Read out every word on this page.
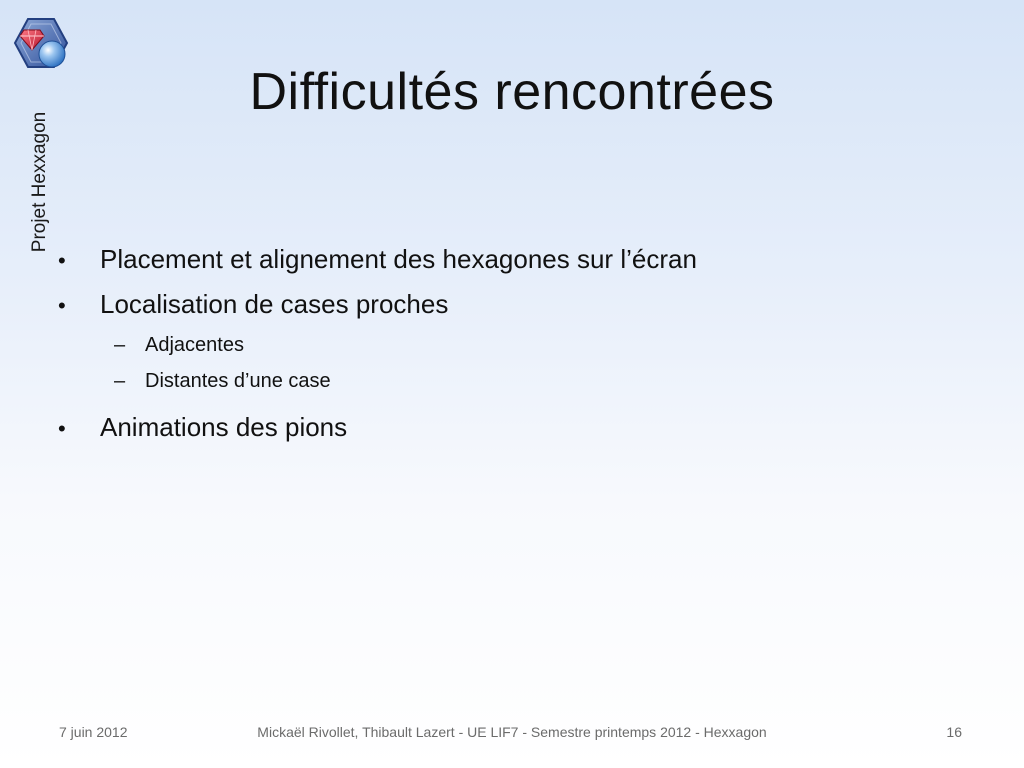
Projet Hexxagon
Difficultés rencontrées
•	Placement et alignement des hexagones sur l’écran
•	Localisation de cases proches
– Adjacentes
– Distantes d’une case
•	Animations des pions
7 juin 2012	Mickaël Rivollet, Thibault Lazert - UE LIF7 - Semestre printemps 2012 - Hexxagon	16
